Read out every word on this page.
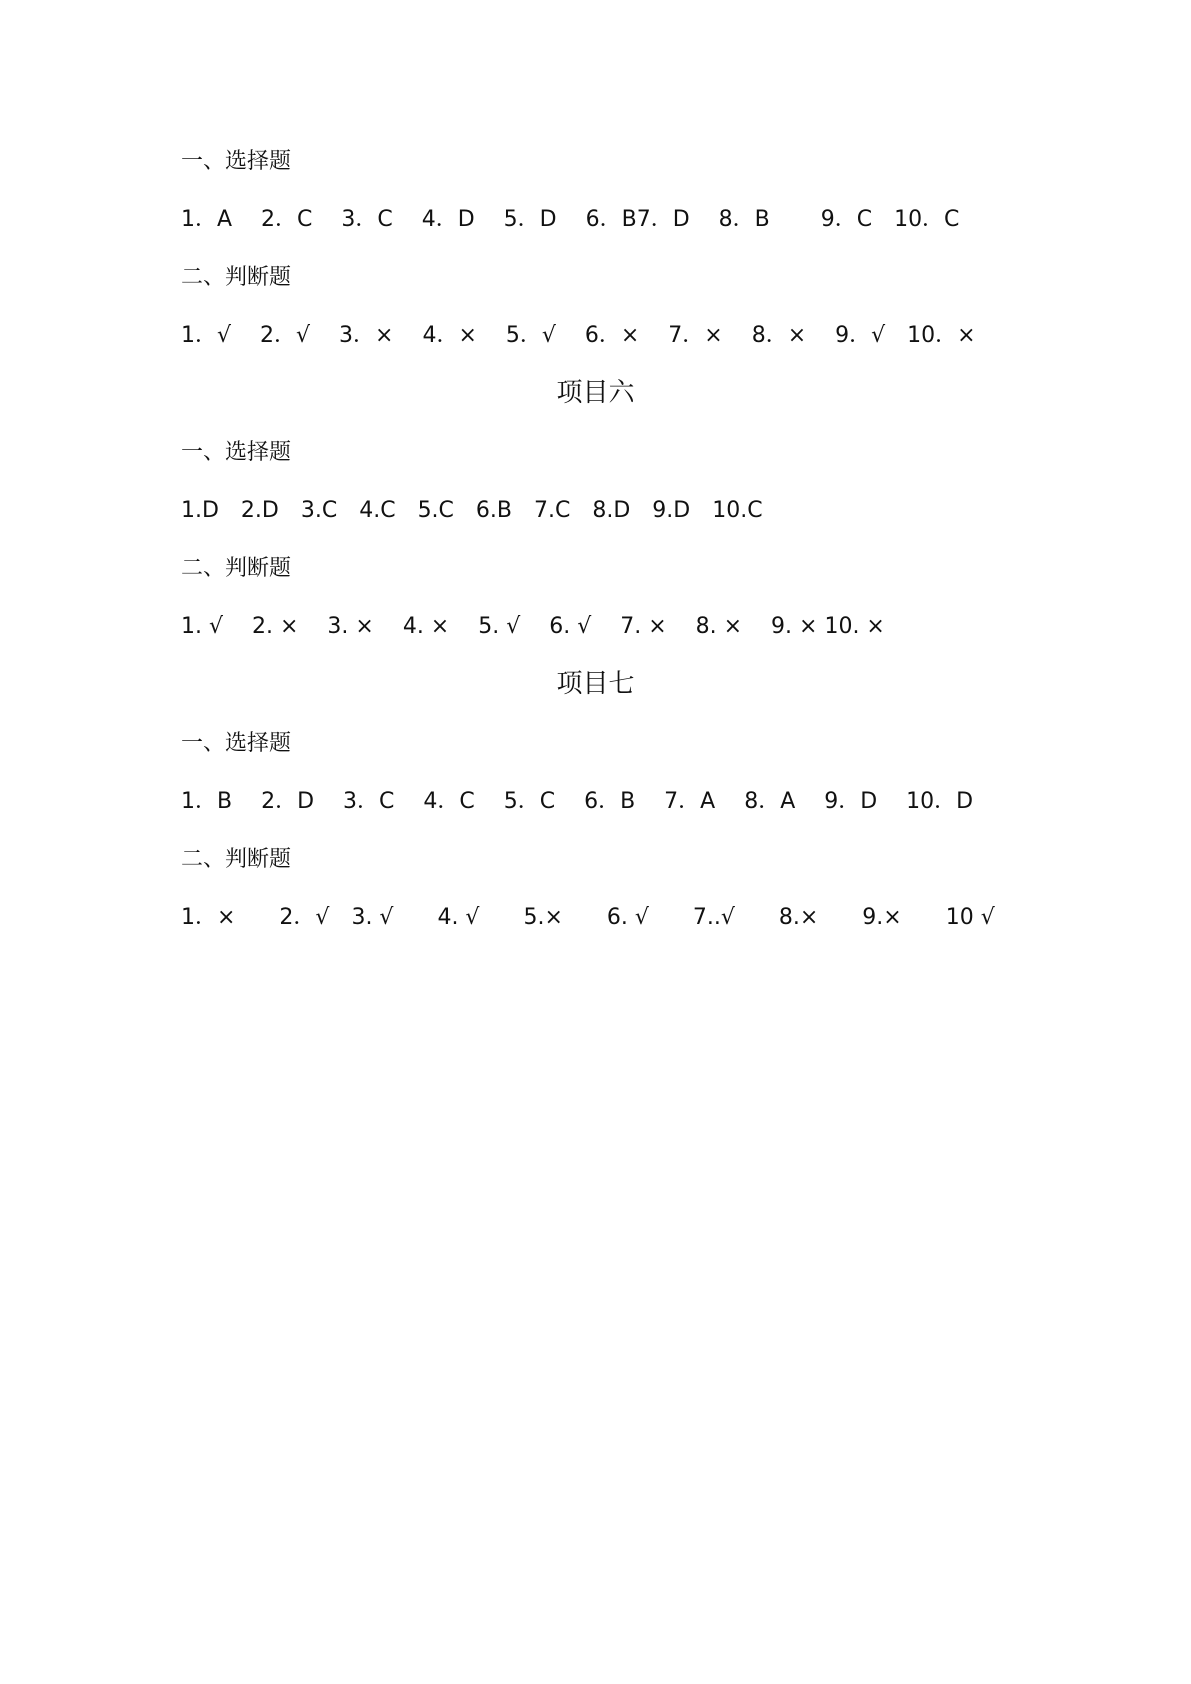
一、选择题
1．A　 2．C　 3．C　 4．D　 5．D　 6．B7．D　 8．B　　 9．C　10．C
二、判断题
1．√　 2．√　 3．×　 4．×　 5．√　 6．×　 7．×　 8．×　 9．√　10．×
项目六
一、选择题
1.D　2.D　3.C　4.C　5.C　6.B　7.C　8.D　9.D　10.C
二、判断题
1. √　 2. ×　 3. ×　 4. ×　 5. √　 6. √　 7. ×　 8. ×　 9. × 10. ×
项目七
一、选择题
1．B　 2．D　 3．C　 4．C　 5．C　 6．B　 7．A　 8．A　 9．D　 10．D
二、判断题
1．×　　2．√　3. √　　4. √　　5.×　　6. √　　7..√　　8.×　　9.×　　10 √
